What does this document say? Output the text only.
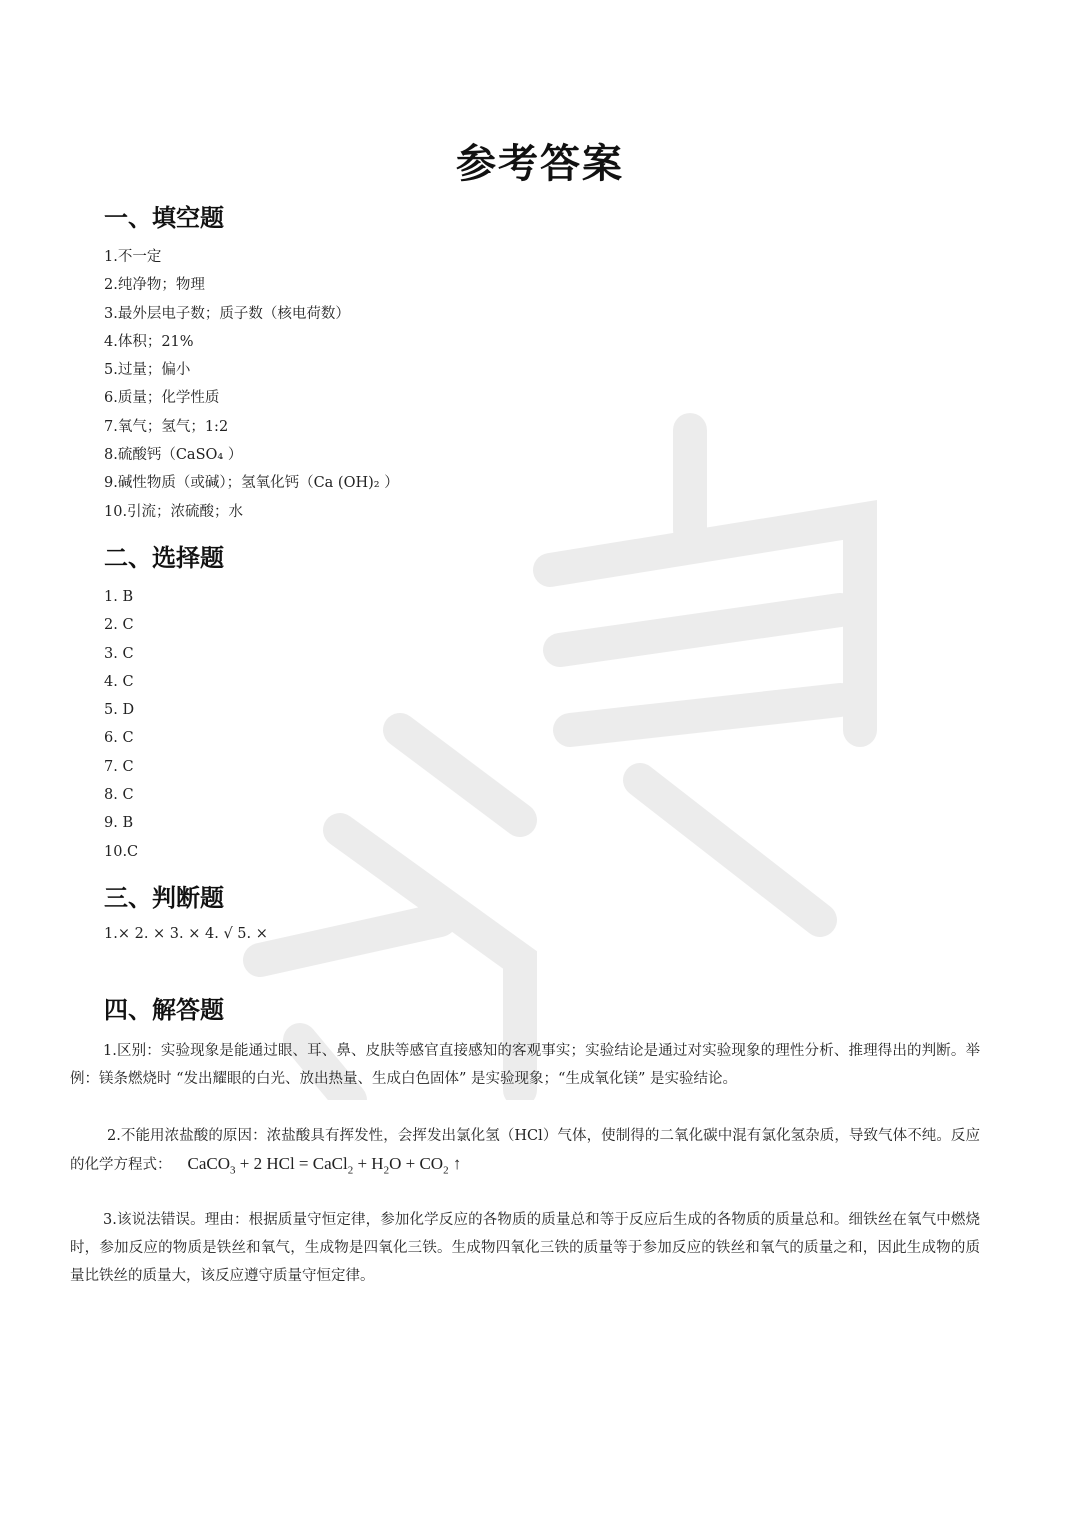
参考答案
一、填空题
1.不一定
2.纯净物；物理
3.最外层电子数；质子数（核电荷数）
4.体积；21%
5.过量；偏小
6.质量；化学性质
7.氧气；氢气；1:2
8.硫酸钙（CaSO₄ ）
9.碱性物质（或碱）；氢氧化钙（Ca (OH)₂ ）
10.引流；浓硫酸；水
二、选择题
1. B
2. C
3. C
4. C
5. D
6. C
7. C
8. C
9. B
10.C
三、判断题
1.× 2. × 3. × 4. √ 5. ×
四、解答题

1.区别：实验现象是能通过眼、耳、鼻、皮肤等感官直接感知的客观事实；实验结论是通过对实验现象的理性分析、推理得出的判断。举例：镁条燃烧时 “发出耀眼的白光、放出热量、生成白色固体” 是实验现象；“生成氧化镁” 是实验结论。

2.不能用浓盐酸的原因：浓盐酸具有挥发性，会挥发出氯化氢（HCl）气体，使制得的二氧化碳中混有氯化氢杂质，导致气体不纯。反应的化学方程式： CaCO$_3$ + 2 HCl = CaCl$_2$ + $H_2O + CO_2$ ↑

3.该说法错误。理由：根据质量守恒定律，参加化学反应的各物质的质量总和等于反应后生成的各物质的质量总和。细铁丝在氧气中燃烧时，参加反应的物质是铁丝和氧气，生成物是四氧化三铁。生成物四氧化三铁的质量等于参加反应的铁丝和氧气的质量之和，因此生成物的质量比铁丝的质量大，该反应遵守质量守恒定律。
